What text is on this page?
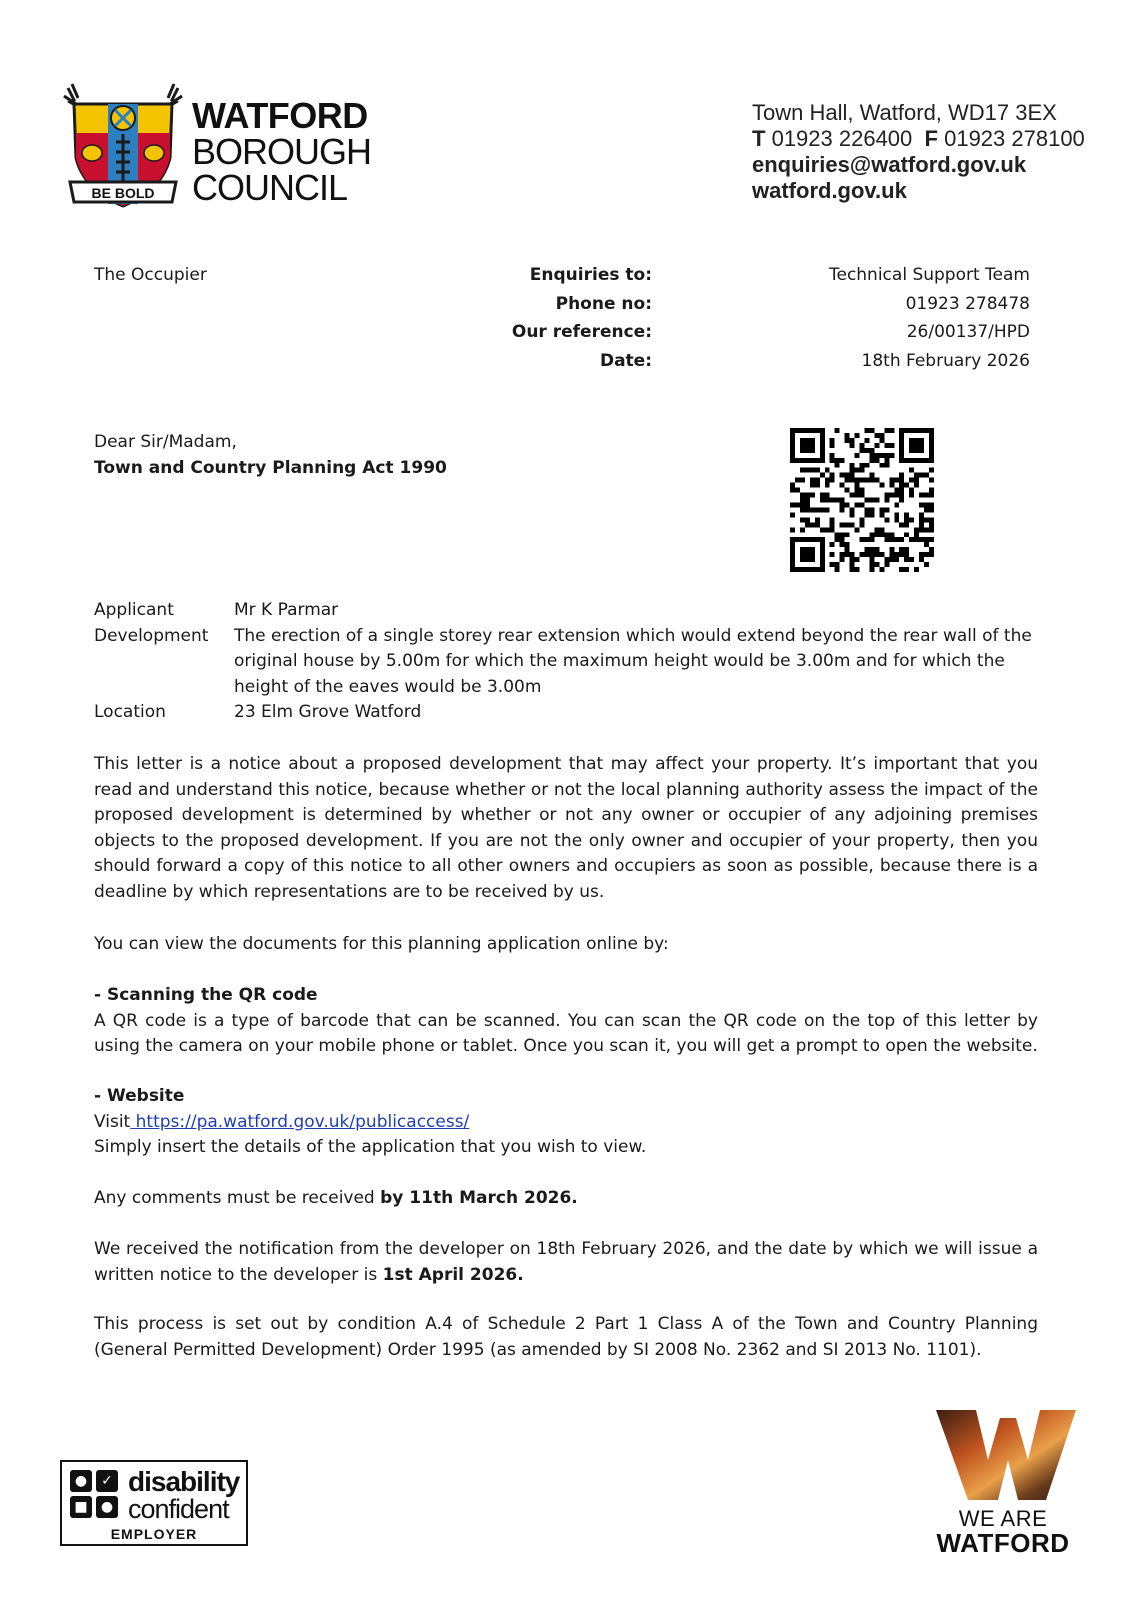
BE BOLD
WATFORD
BOROUGH
COUNCIL
Town Hall, Watford, WD17 3EX
T 01923 226400 F 01923 278100
enquiries@watford.gov.uk
watford.gov.uk
The Occupier	Enquiries to:	Technical Support Team
Phone no:	01923 278478
Our reference:	26/00137/HPD
Date:	18th February 2026
Dear Sir/Madam,
Town and Country Planning Act 1990
Applicant	Mr K Parmar
Development	The erection of a single storey rear extension which would extend beyond the rear wall of the original house by 5.00m for which the maximum height would be 3.00m and for which the height of the eaves would be 3.00m
Location	23 Elm Grove Watford
This letter is a notice about a proposed development that may affect your property. It’s important that you read and understand this notice, because whether or not the local planning authority assess the impact of the proposed development is determined by whether or not any owner or occupier of any adjoining premises objects to the proposed development. If you are not the only owner and occupier of your property, then you should forward a copy of this notice to all other owners and occupiers as soon as possible, because there is a deadline by which representations are to be received by us.
You can view the documents for this planning application online by:
- Scanning the QR code
A QR code is a type of barcode that can be scanned. You can scan the QR code on the top of this letter by using the camera on your mobile phone or tablet. Once you scan it, you will get a prompt to open the website.
- Website
Visit https://pa.watford.gov.uk/publicaccess/
Simply insert the details of the application that you wish to view.
Any comments must be received by 11th March 2026.
We received the notification from the developer on 18th February 2026, and the date by which we will issue a written notice to the developer is 1st April 2026.
This process is set out by condition A.4 of Schedule 2 Part 1 Class A of the Town and Country Planning (General Permitted Development) Order 1995 (as amended by SI 2008 No. 2362 and SI 2013 No. 1101).
●	✓
■ ●
disability
confident
EMPLOYER
WE ARE
WATFORD
